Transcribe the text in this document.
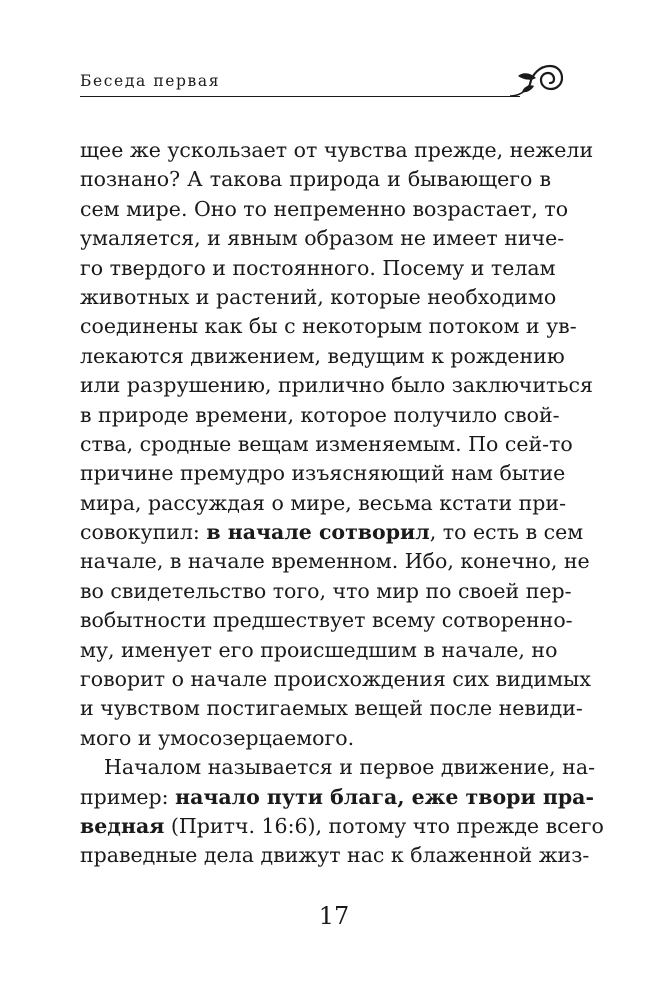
Беседа первая
щее же ускользает от чувства прежде, нежели
познано? А такова природа и бывающего в
сем мире. Оно то непременно возрастает, то
умаляется, и явным образом не имеет ниче-
го твердого и постоянного. Посему и телам
животных и растений, которые необходимо
соединены как бы с некоторым потоком и ув-
лекаются движением, ведущим к рождению
или разрушению, прилично было заключиться
в природе времени, которое получило свой-
ства, сродные вещам изменяемым. По сей-то
причине премудро изъясняющий нам бытие
мира, рассуждая о мире, весьма кстати при-
совокупил: в начале сотворил, то есть в сем
начале, в начале временном. Ибо, конечно, не
во свидетельство того, что мир по своей пер-
вобытности предшествует всему сотворенно-
му, именует его происшедшим в начале, но
говорит о начале происхождения сих видимых
и чувством постигаемых вещей после невиди-
мого и умосозерцаемого.
Началом называется и первое движение, на-
пример: начало пути блага, еже твори пра-
ведная (Притч. 16:6), потому что прежде всего
праведные дела движут нас к блаженной жиз-
17
